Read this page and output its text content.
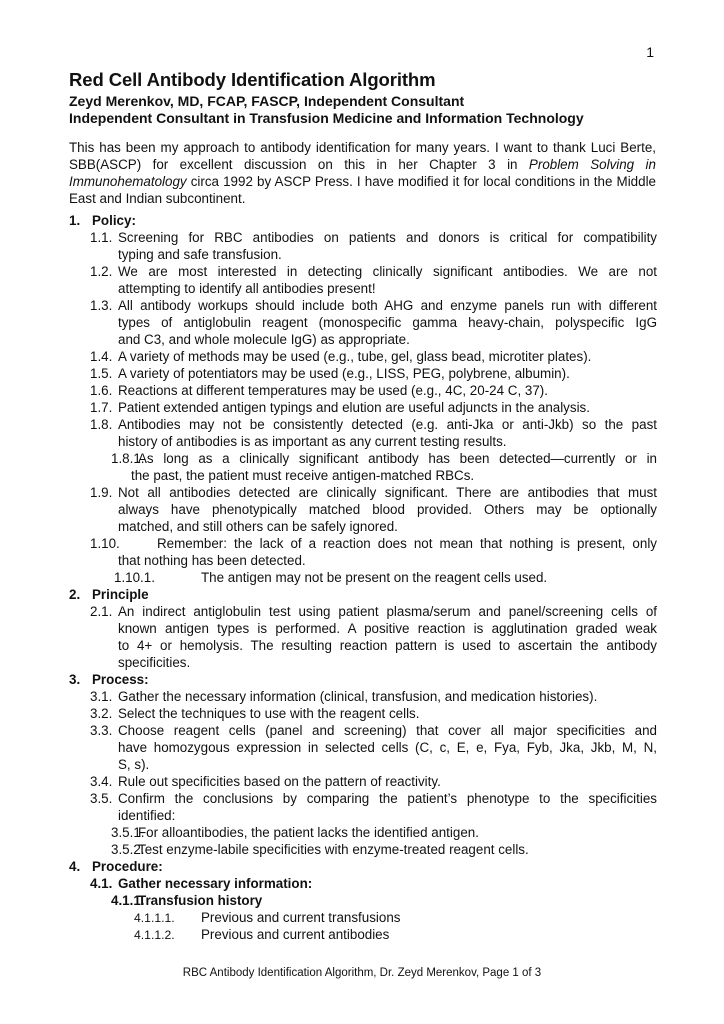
1
Red Cell Antibody Identification Algorithm

Zeyd Merenkov, MD, FCAP, FASCP, Independent Consultant

Independent Consultant in Transfusion Medicine and Information Technology

This has been my approach to antibody identification for many years. I want to thank Luci Berte, SBB(ASCP) for excellent discussion on this in her Chapter 3 in Problem Solving in Immunohematology circa 1992 by ASCP Press. I have modified it for local conditions in the Middle East and Indian subcontinent.

1. Policy:
1.1. Screening for RBC antibodies on patients and donors is critical for compatibility
typing and safe transfusion.
1.2. We are most interested in detecting clinically significant antibodies. We are not
attempting to identify all antibodies present!
1.3. All antibody workups should include both AHG and enzyme panels run with different
types of antiglobulin reagent (monospecific gamma heavy-chain, polyspecific IgG
and C3, and whole molecule IgG) as appropriate.
1.4. A variety of methods may be used (e.g., tube, gel, glass bead, microtiter plates).
1.5. A variety of potentiators may be used (e.g., LISS, PEG, polybrene, albumin).
1.6. Reactions at different temperatures may be used (e.g., 4C, 20-24 C, 37).
1.7. Patient extended antigen typings and elution are useful adjuncts in the analysis.
1.8. Antibodies may not be consistently detected (e.g. anti-Jka or anti-Jkb) so the past
history of antibodies is as important as any current testing results.
1.8.1.As long as a clinically significant antibody has been detected—currently or in
the past, the patient must receive antigen-matched RBCs.
1.9. Not all antibodies detected are clinically significant. There are antibodies that must
always have phenotypically matched blood provided. Others may be optionally
matched, and still others can be safely ignored.
1.10.	Remember: the lack of a reaction does not mean that nothing is present, only
that nothing has been detected.
1.10.1.	The antigen may not be present on the reagent cells used.
2. Principle
2.1. An indirect antiglobulin test using patient plasma/serum and panel/screening cells of
known antigen types is performed. A positive reaction is agglutination graded weak
to 4+ or hemolysis. The resulting reaction pattern is used to ascertain the antibody
specificities.
3. Process:
3.1. Gather the necessary information (clinical, transfusion, and medication histories).
3.2. Select the techniques to use with the reagent cells.
3.3. Choose reagent cells (panel and screening) that cover all major specificities and
have homozygous expression in selected cells (C, c, E, e, Fya, Fyb, Jka, Jkb, M, N,
S, s).
3.4. Rule out specificities based on the pattern of reactivity.
3.5. Confirm the conclusions by comparing the patient’s phenotype to the specificities
identified:
3.5.1.For alloantibodies, the patient lacks the identified antigen.
3.5.2.Test enzyme-labile specificities with enzyme-treated reagent cells.
4. Procedure:
4.1. Gather necessary information:
4.1.1.Transfusion history
4.1.1.1. Previous and current transfusions
4.1.1.2. Previous and current antibodies
RBC Antibody Identification Algorithm, Dr. Zeyd Merenkov, Page 1 of 3
